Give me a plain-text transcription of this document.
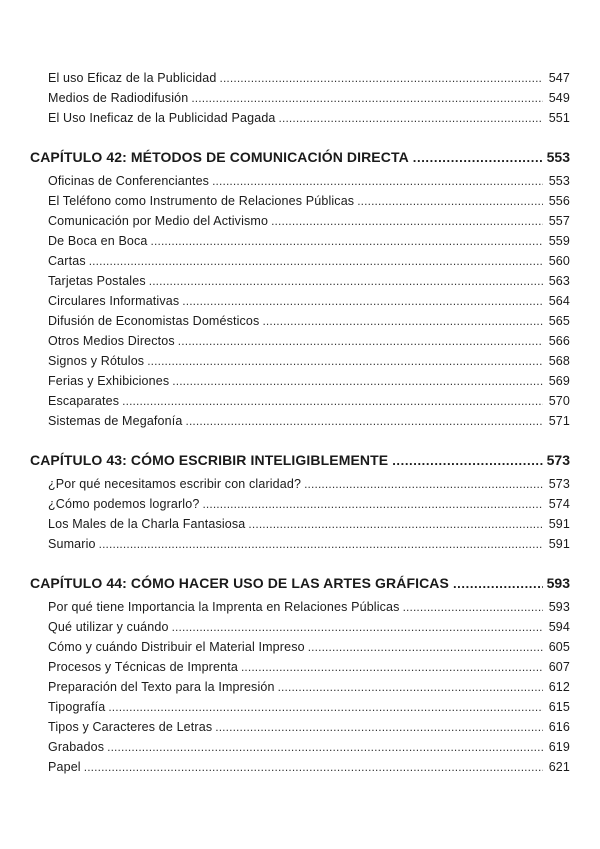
El uso Eficaz de la Publicidad . . .	547
Medios de Radiodifusión . . .	549
El Uso Ineficaz de la Publicidad Pagada . . .	551
CAPÍTULO 42: MÉTODOS DE COMUNICACIÓN DIRECTA .....	553
Oficinas de Conferenciantes . . .	553
El Teléfono como Instrumento de Relaciones Públicas . . .	556
Comunicación por Medio del Activismo . . .	557
De Boca en Boca . . .	559
Cartas . . .	560
Tarjetas Postales . . .	563
Circulares Informativas . . .	564
Difusión de Economistas Domésticos . . .	565
Otros Medios Directos . . .	566
Signos y Rótulos . . .	568
Ferias y Exhibiciones . . .	569
Escaparates . . .	570
Sistemas de Megafonía . . .	571
CAPÍTULO 43: CÓMO ESCRIBIR INTELIGIBLEMENTE .....	573
¿Por qué necesitamos escribir con claridad? . . .	573
¿Cómo podemos lograrlo? . . .	574
Los Males de la Charla Fantasiosa . . .	591
Sumario . . .	591
CAPÍTULO 44: CÓMO HACER USO DE LAS ARTES GRÁFICAS .....	593
Por qué tiene Importancia la Imprenta en Relaciones Públicas . . .	593
Qué utilizar y cuándo . . .	594
Cómo y cuándo Distribuir el Material Impreso . . .	605
Procesos y Técnicas de Imprenta . . .	607
Preparación del Texto para la Impresión . . .	612
Tipografía . . .	615
Tipos y Caracteres de Letras . . .	616
Grabados . . .	619
Papel . . .	621
